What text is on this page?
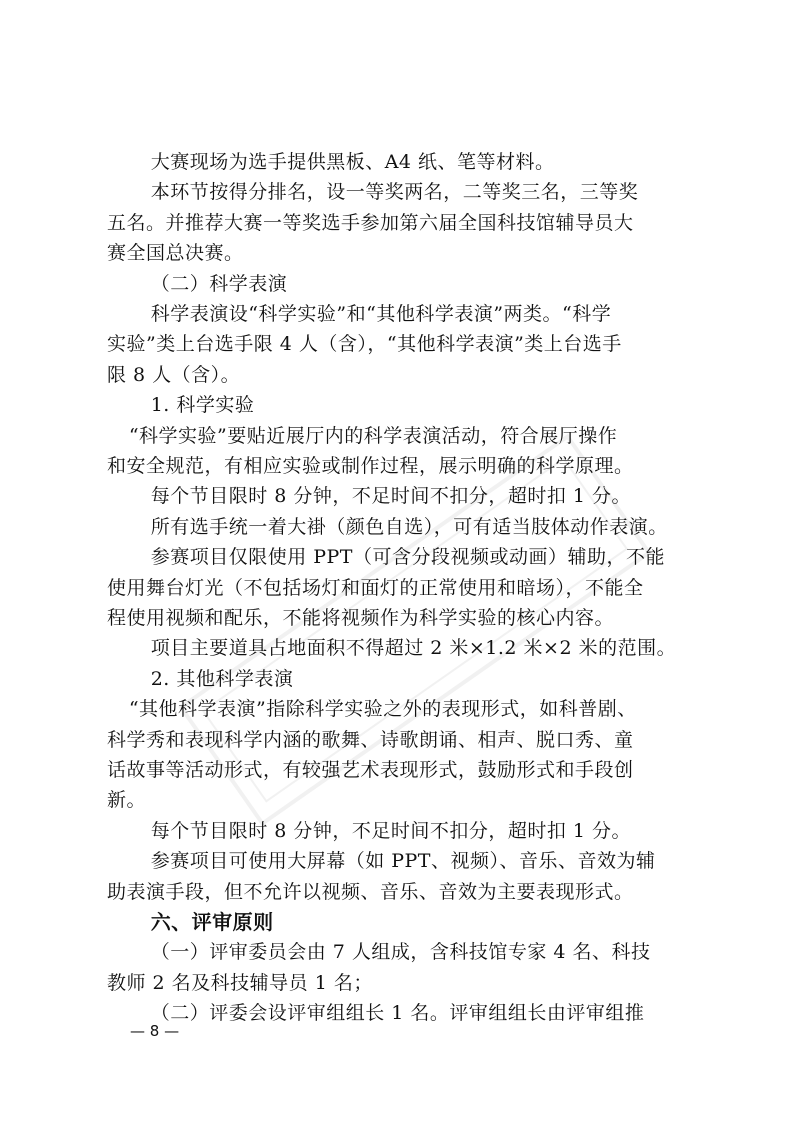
大赛现场为选手提供黑板、A4 纸、笔等材料。
本环节按得分排名，设一等奖两名，二等奖三名，三等奖
五名。并推荐大赛一等奖选手参加第六届全国科技馆辅导员大
赛全国总决赛。
（二）科学表演
科学表演设“科学实验”和“其他科学表演”两类。“科学
实验”类上台选手限 4 人（含），“其他科学表演”类上台选手
限 8 人（含）。
1. 科学实验
“科学实验”要贴近展厅内的科学表演活动，符合展厅操作
和安全规范，有相应实验或制作过程，展示明确的科学原理。
每个节目限时 8 分钟，不足时间不扣分，超时扣 1 分。
所有选手统一着大褂（颜色自选），可有适当肢体动作表演。
参赛项目仅限使用 PPT（可含分段视频或动画）辅助，不能
使用舞台灯光（不包括场灯和面灯的正常使用和暗场），不能全
程使用视频和配乐，不能将视频作为科学实验的核心内容。
项目主要道具占地面积不得超过 2 米×1.2 米×2 米的范围。
2. 其他科学表演
“其他科学表演”指除科学实验之外的表现形式，如科普剧、
科学秀和表现科学内涵的歌舞、诗歌朗诵、相声、脱口秀、童
话故事等活动形式，有较强艺术表现形式，鼓励形式和手段创
新。
每个节目限时 8 分钟，不足时间不扣分，超时扣 1 分。
参赛项目可使用大屏幕（如 PPT、视频）、音乐、音效为辅
助表演手段，但不允许以视频、音乐、音效为主要表现形式。
六、评审原则
（一）评审委员会由 7 人组成，含科技馆专家 4 名、科技
教师 2 名及科技辅导员 1 名；
（二）评委会设评审组组长 1 名。评审组组长由评审组推
— 8 —
